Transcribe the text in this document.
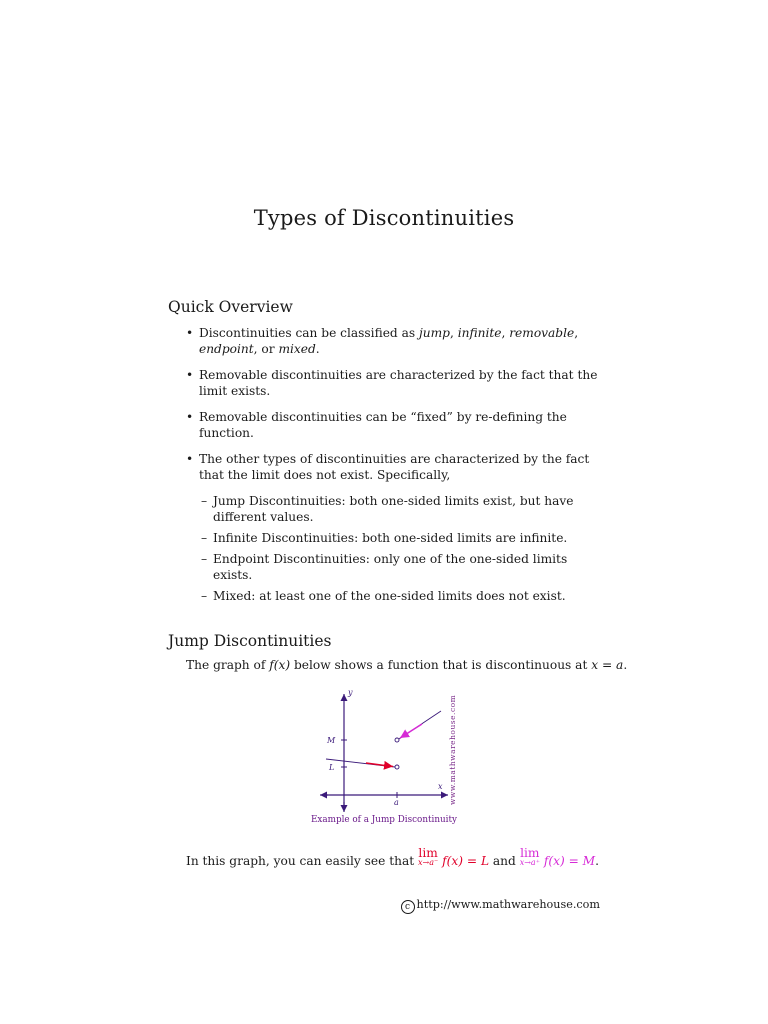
Types of Discontinuities
Quick Overview
• Discontinuities can be classified as jump, infinite, removable, endpoint, or mixed.
• Removable discontinuities are characterized by the fact that the limit exists.
• Removable discontinuities can be “fixed” by re-defining the function.
• The other types of discontinuities are characterized by the fact that the limit does not exist. Specifically,
– Jump Discontinuities: both one-sided limits exist, but have different values.
– Infinite Discontinuities: both one-sided limits are infinite.
– Endpoint Discontinuities: only one of the one-sided limits exists.
– Mixed: at least one of the one-sided limits does not exist.
Jump Discontinuities
The graph of f(x) below shows a function that is discontinuous at x = a.
y
x
a
L
M	www.mathwarehouse.com
Example of a Jump Discontinuity
In this graph, you can easily see that
lim
x→a⁻ f(x) = L and
lim
x→a⁺ f(x) = M.
c http://www.mathwarehouse.com
